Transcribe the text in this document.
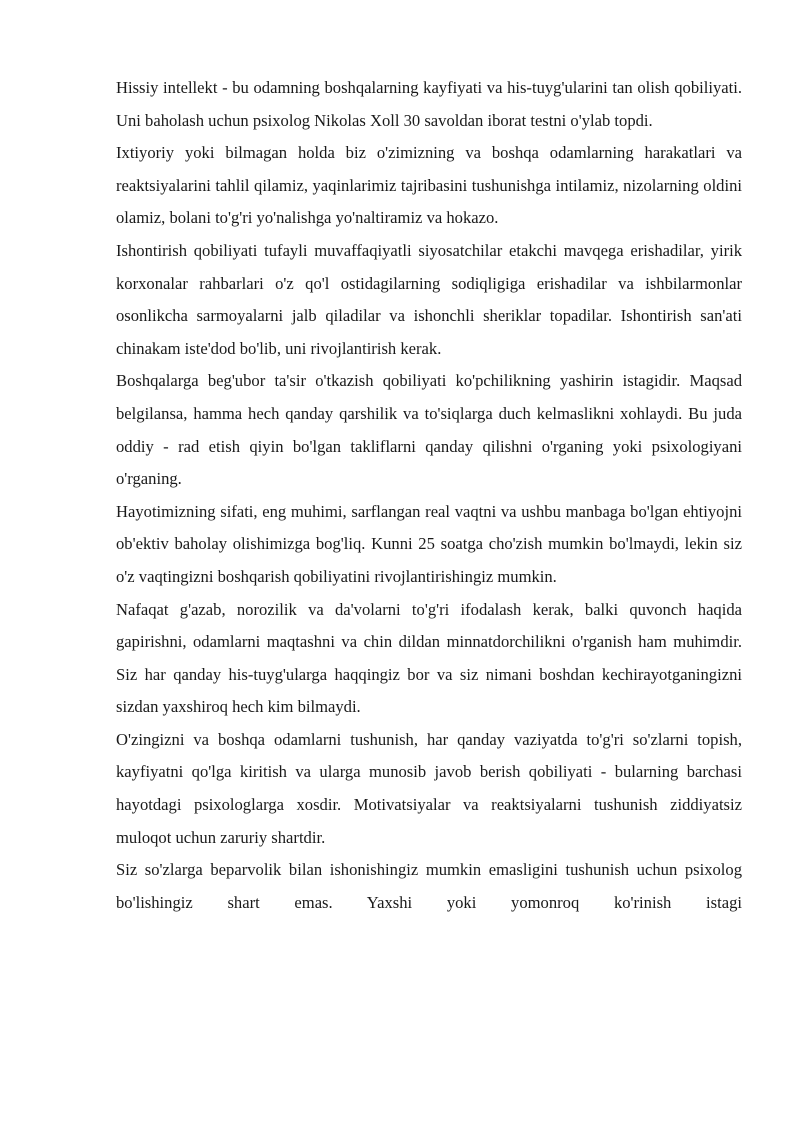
Hissiy intellekt - bu odamning boshqalarning kayfiyati va his-tuyg'ularini tan olish qobiliyati. Uni baholash uchun psixolog Nikolas Xoll 30 savoldan iborat testni o'ylab topdi.

Ixtiyoriy yoki bilmagan holda biz o'zimizning va boshqa odamlarning harakatlari va reaktsiyalarini tahlil qilamiz, yaqinlarimiz tajribasini tushunishga intilamiz, nizolarning oldini olamiz, bolani to'g'ri yo'nalishga yo'naltiramiz va hokazo.

Ishontirish qobiliyati tufayli muvaffaqiyatli siyosatchilar etakchi mavqega erishadilar, yirik korxonalar rahbarlari o'z qo'l ostidagilarning sodiqligiga erishadilar va ishbilarmonlar osonlikcha sarmoyalarni jalb qiladilar va ishonchli sheriklar topadilar. Ishontirish san'ati chinakam iste'dod bo'lib, uni rivojlantirish kerak.

Boshqalarga beg'ubor ta'sir o'tkazish qobiliyati ko'pchilikning yashirin istagidir. Maqsad belgilansa, hamma hech qanday qarshilik va to'siqlarga duch kelmaslikni xohlaydi. Bu juda oddiy - rad etish qiyin bo'lgan takliflarni qanday qilishni o'rganing yoki psixologiyani o'rganing.

Hayotimizning sifati, eng muhimi, sarflangan real vaqtni va ushbu manbaga bo'lgan ehtiyojni ob'ektiv baholay olishimizga bog'liq. Kunni 25 soatga cho'zish mumkin bo'lmaydi, lekin siz o'z vaqtingizni boshqarish qobiliyatini rivojlantirishingiz mumkin.

Nafaqat g'azab, norozilik va da'volarni to'g'ri ifodalash kerak, balki quvonch haqida gapirishni, odamlarni maqtashni va chin dildan minnatdorchilikni o'rganish ham muhimdir. Siz har qanday his-tuyg'ularga haqqingiz bor va siz nimani boshdan kechirayotganingizni sizdan yaxshiroq hech kim bilmaydi.

O'zingizni va boshqa odamlarni tushunish, har qanday vaziyatda to'g'ri so'zlarni topish, kayfiyatni qo'lga kiritish va ularga munosib javob berish qobiliyati - bularning barchasi hayotdagi psixologlarga xosdir. Motivatsiyalar va reaktsiyalarni tushunish ziddiyatsiz muloqot uchun zaruriy shartdir.

Siz so'zlarga beparvolik bilan ishonishingiz mumkin emasligini tushunish uchun psixolog bo'lishingiz shart emas. Yaxshi yoki yomonroq ko'rinish istagi
